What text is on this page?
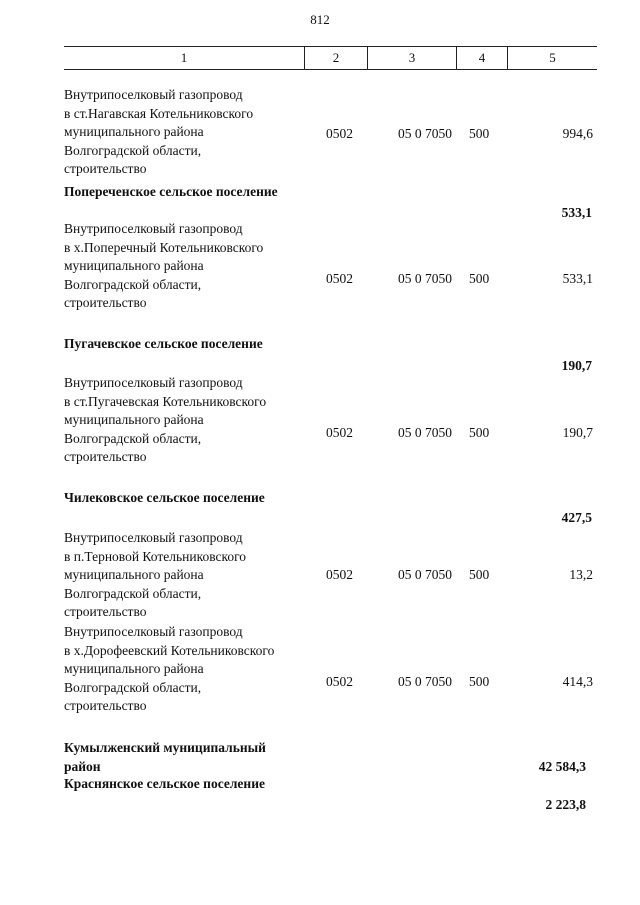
812
1	2	3	4	5
Внутрипоселковый газопровод
в ст.Нагавская Котельниковского
муниципального района
Волгоградской области,
строительство
0502	05 0 7050	500	994,6
Попереченское сельское поселение
533,1
Внутрипоселковый газопровод
в х.Поперечный Котельниковского
муниципального района
Волгоградской области,
строительство
0502	05 0 7050	500	533,1
Пугачевское сельское поселение
190,7
Внутрипоселковый газопровод
в ст.Пугачевская Котельниковского
муниципального района
Волгоградской области,
строительство
0502	05 0 7050	500	190,7
Чилековское сельское поселение
427,5
Внутрипоселковый газопровод
в п.Терновой Котельниковского
муниципального района
Волгоградской области,
строительство
0502	05 0 7050	500	13,2
Внутрипоселковый газопровод
в х.Дорофеевский Котельниковского
муниципального района
Волгоградской области,
строительство
0502	05 0 7050	500	414,3
Кумылженский муниципальный
район	42 584,3
Краснянское сельское поселение
2 223,8
